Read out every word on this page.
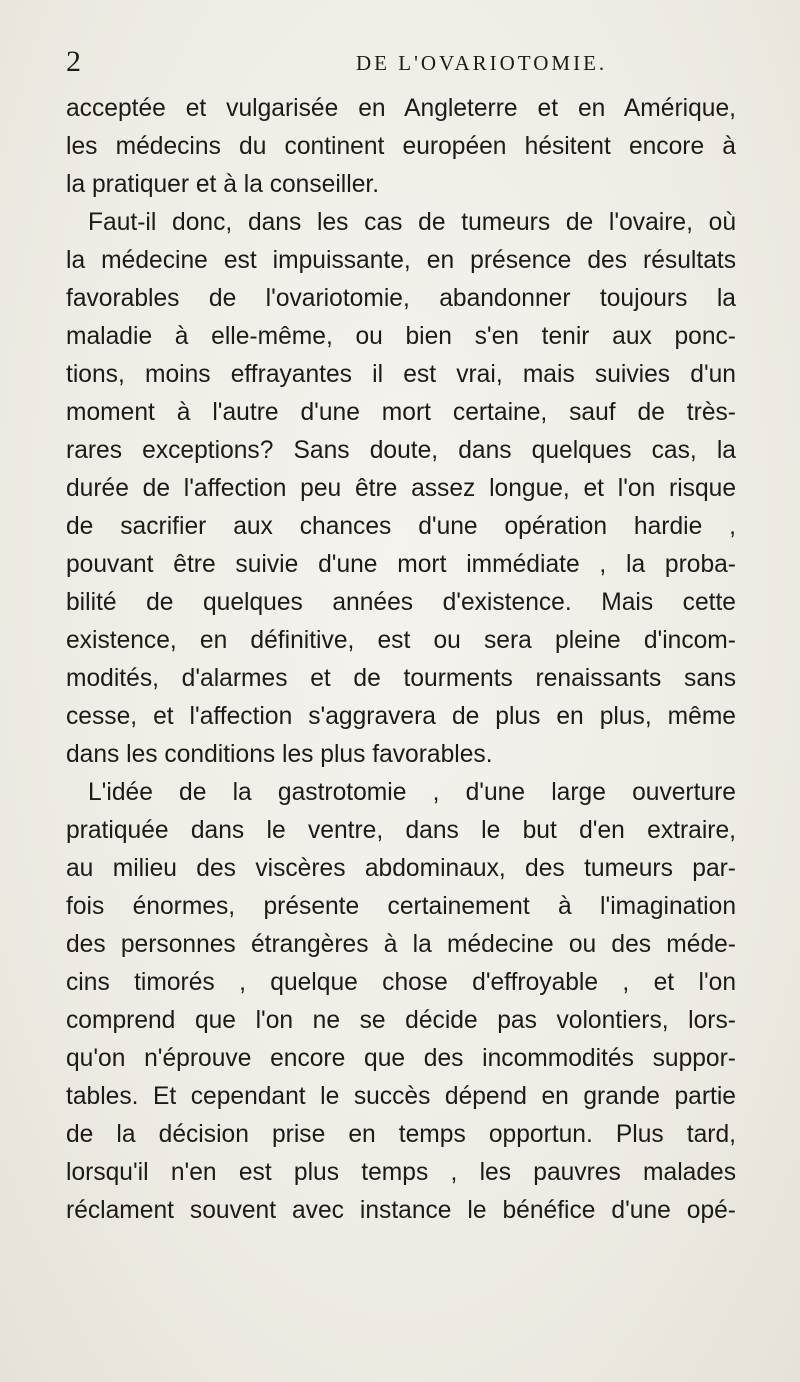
2	DE L'OVARIOTOMIE.
acceptée et vulgarisée en Angleterre et en Amérique,
les médecins du continent européen hésitent encore à
la pratiquer et à la conseiller.
Faut-il donc, dans les cas de tumeurs de l'ovaire, où
la médecine est impuissante, en présence des résultats
favorables de l'ovariotomie, abandonner toujours la
maladie à elle-même, ou bien s'en tenir aux ponc-
tions, moins effrayantes il est vrai, mais suivies d'un
moment à l'autre d'une mort certaine, sauf de très-
rares exceptions? Sans doute, dans quelques cas, la
durée de l'affection peu être assez longue, et l'on risque
de sacrifier aux chances d'une opération hardie ,
pouvant être suivie d'une mort immédiate , la proba-
bilité de quelques années d'existence. Mais cette
existence, en définitive, est ou sera pleine d'incom-
modités, d'alarmes et de tourments renaissants sans
cesse, et l'affection s'aggravera de plus en plus, même
dans les conditions les plus favorables.
L'idée de la gastrotomie , d'une large ouverture
pratiquée dans le ventre, dans le but d'en extraire,
au milieu des viscères abdominaux, des tumeurs par-
fois énormes, présente certainement à l'imagination
des personnes étrangères à la médecine ou des méde-
cins timorés , quelque chose d'effroyable , et l'on
comprend que l'on ne se décide pas volontiers, lors-
qu'on n'éprouve encore que des incommodités suppor-
tables. Et cependant le succès dépend en grande partie
de la décision prise en temps opportun. Plus tard,
lorsqu'il n'en est plus temps , les pauvres malades
réclament souvent avec instance le bénéfice d'une opé-
